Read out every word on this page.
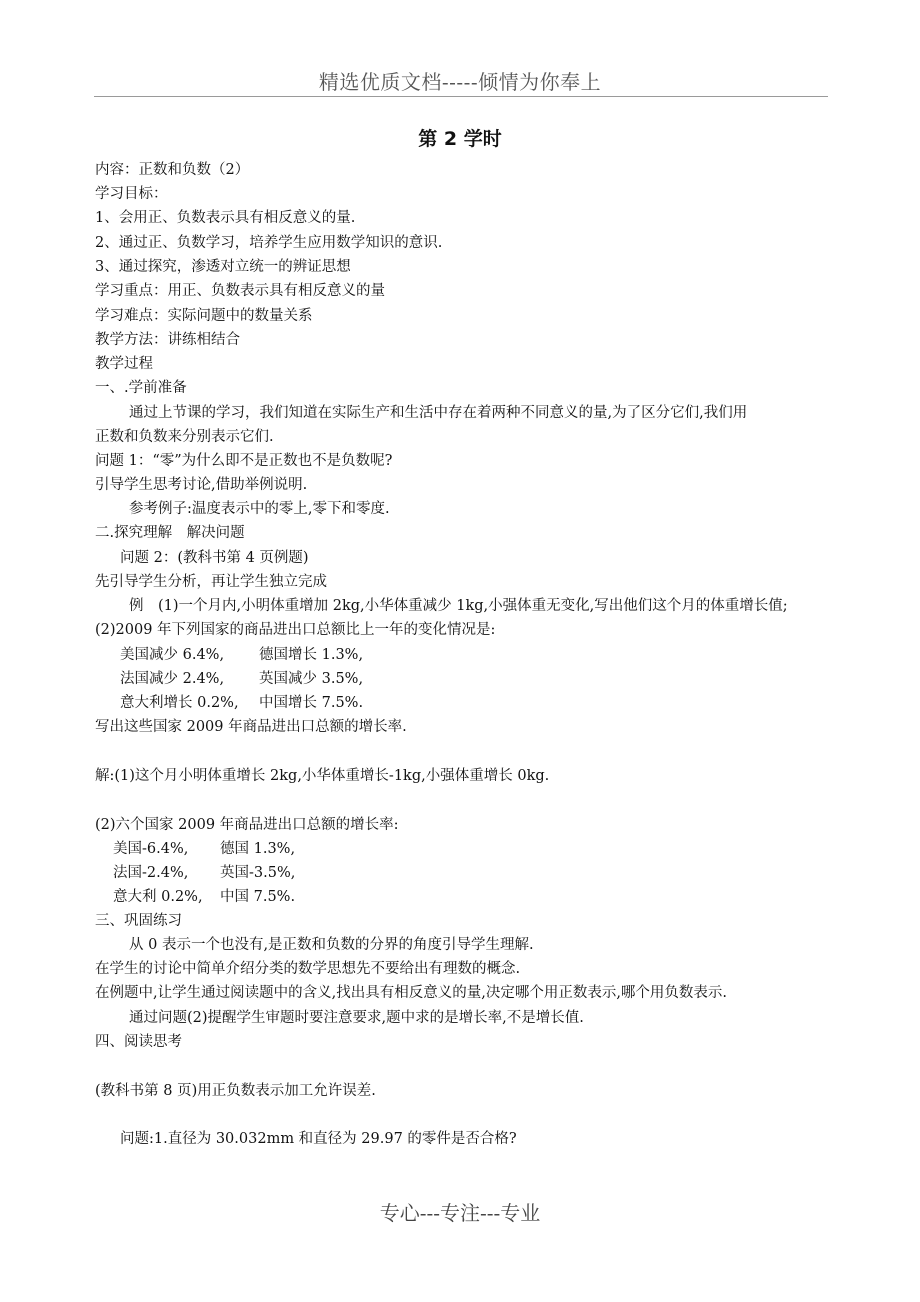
精选优质文档-----倾情为你奉上
第 2 学时
内容：正数和负数（2）
学习目标：
1、会用正、负数表示具有相反意义的量.
2、通过正、负数学习，培养学生应用数学知识的意识.
3、通过探究，渗透对立统一的辨证思想
学习重点：用正、负数表示具有相反意义的量
学习难点：实际问题中的数量关系
教学方法：讲练相结合
教学过程
一、.学前准备
通过上节课的学习，我们知道在实际生产和生活中存在着两种不同意义的量,为了区分它们,我们用
正数和负数来分别表示它们.
问题 1：“零”为什么即不是正数也不是负数呢?
引导学生思考讨论,借助举例说明.
参考例子:温度表示中的零上,零下和零度.
二.探究理解　解决问题
问题 2：(教科书第 4 页例题)
先引导学生分析，再让学生独立完成
例　(1)一个月内,小明体重增加 2kg,小华体重减少 1kg,小强体重无变化,写出他们这个月的体重增长值;
(2)2009 年下列国家的商品进出口总额比上一年的变化情况是:
美国减少 6.4%, 德国增长 1.3%,
法国减少 2.4%, 英国减少 3.5%,
意大利增长 0.2%, 中国增长 7.5%.
写出这些国家 2009 年商品进出口总额的增长率.
解:(1)这个月小明体重增长 2kg,小华体重增长-1kg,小强体重增长 0kg.
(2)六个国家 2009 年商品进出口总额的增长率:
美国-6.4%, 德国 1.3%,
法国-2.4%, 英国-3.5%,
意大利 0.2%, 中国 7.5%.
三、巩固练习
从 0 表示一个也没有,是正数和负数的分界的角度引导学生理解.
在学生的讨论中简单介绍分类的数学思想先不要给出有理数的概念.
在例题中,让学生通过阅读题中的含义,找出具有相反意义的量,决定哪个用正数表示,哪个用负数表示.
通过问题(2)提醒学生审题时要注意要求,题中求的是增长率,不是增长值.
四、阅读思考
(教科书第 8 页)用正负数表示加工允许误差.
问题:1.直径为 30.032mm 和直径为 29.97 的零件是否合格?
专心---专注---专业
